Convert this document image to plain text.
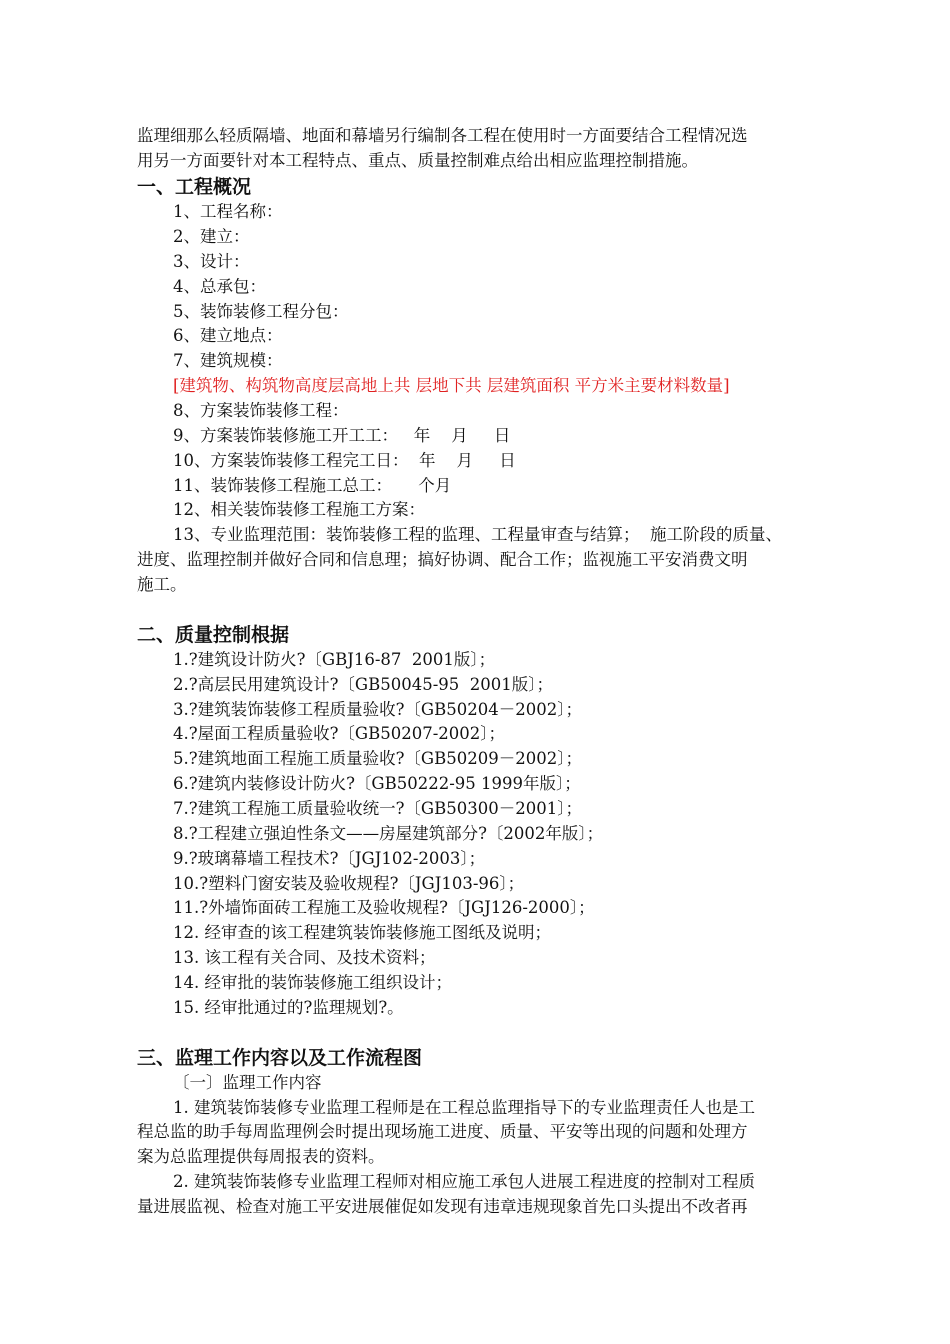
监理细那么轻质隔墙、地面和幕墙另行编制各工程在使用时一方面要结合工程情况选
用另一方面要针对本工程特点、重点、质量控制难点给出相应监理控制措施。
一、工程概况
1、工程名称：
2、建立：
3、设计：
4、总承包：
5、装饰装修工程分包：
6、建立地点：
7、建筑规模：
[建筑物、构筑物高度层高地上共 层地下共 层建筑面积 平方米主要材料数量]
8、方案装饰装修工程：
9、方案装饰装修施工开工工：   年    月     日
10、方案装饰装修工程完工日：  年    月     日
11、装饰装修工程施工总工：     个月
12、相关装饰装修工程施工方案：
13、专业监理范围：装饰装修工程的监理、工程量审查与结算；  施工阶段的质量、
进度、监理控制并做好合同和信息理；搞好协调、配合工作；监视施工平安消费文明
施工。
二、质量控制根据
1.?建筑设计防火?〔GBJ16-87  2001版〕；
2.?高层民用建筑设计?〔GB50045-95  2001版〕；
3.?建筑装饰装修工程质量验收?〔GB50204－2002〕；
4.?屋面工程质量验收?〔GB50207-2002〕；
5.?建筑地面工程施工质量验收?〔GB50209－2002〕；
6.?建筑内装修设计防火?〔GB50222-95 1999年版〕；
7.?建筑工程施工质量验收统一?〔GB50300－2001〕；
8.?工程建立强迫性条文——房屋建筑部分?〔2002年版〕；
9.?玻璃幕墙工程技术?〔JGJ102-2003〕；
10.?塑料门窗安装及验收规程?〔JGJ103-96〕；
11.?外墙饰面砖工程施工及验收规程?〔JGJ126-2000〕；
12. 经审查的该工程建筑装饰装修施工图纸及说明；
13. 该工程有关合同、及技术资料；
14. 经审批的装饰装修施工组织设计；
15. 经审批通过的?监理规划?。
三、监理工作内容以及工作流程图
〔一〕监理工作内容
1. 建筑装饰装修专业监理工程师是在工程总监理指导下的专业监理责任人也是工
程总监的助手每周监理例会时提出现场施工进度、质量、平安等出现的问题和处理方
案为总监理提供每周报表的资料。
2. 建筑装饰装修专业监理工程师对相应施工承包人进展工程进度的控制对工程质
量进展监视、检查对施工平安进展催促如发现有违章违规现象首先口头提出不改者再
